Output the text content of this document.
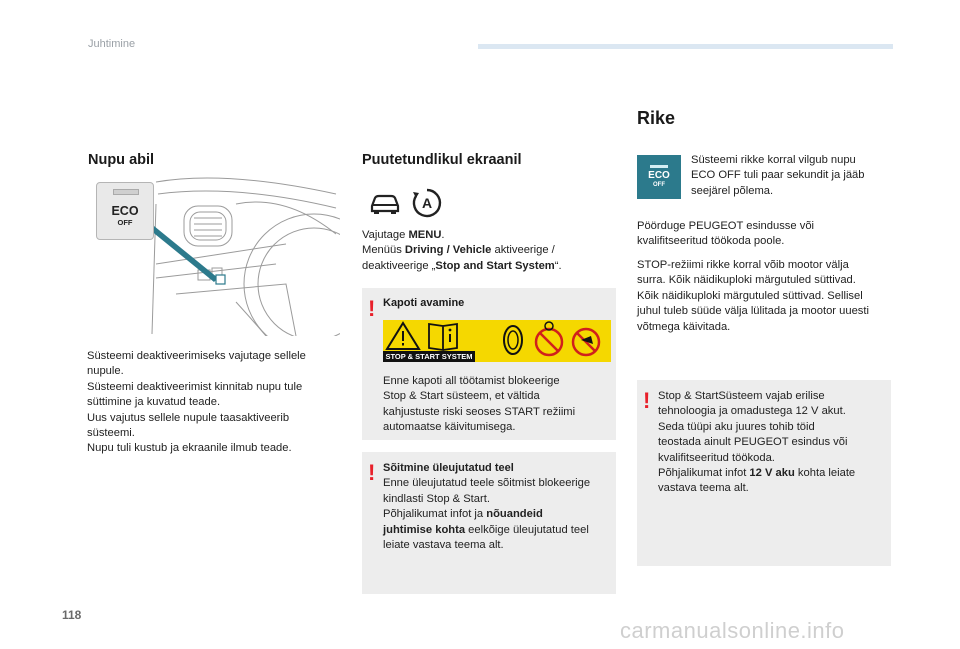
Juhtimine
Nupu abil
ECO
OFF
Süsteemi deaktiveerimiseks vajutage sellele
nupule.
Süsteemi deaktiveerimist kinnitab nupu tule
süttimine ja kuvatud teade.
Uus vajutus sellele nupule taasaktiveerib
süsteemi.
Nupu tuli kustub ja ekraanile ilmub teade.
Puutetundlikul ekraanil
A
Vajutage MENU.
Menüüs Driving / Vehicle aktiveerige /
deaktiveerige „Stop and Start System“.
! Kapoti avamine
STOP & START SYSTEM
Enne kapoti all töötamist blokeerige
Stop & Start süsteem, et vältida
kahjustuste riski seoses START režiimi
automaatse käivitumisega.
! Sõitmine üleujutatud teel
Enne üleujutatud teele sõitmist blokeerige
kindlasti Stop & Start.
Põhjalikumat infot ja nõuandeid
juhtimise kohta eelkõige üleujutatud teel
leiate vastava teema alt.
Rike
ECO
OFF
Süsteemi rikke korral vilgub nupu
ECO OFF tuli paar sekundit ja jääb
seejärel põlema.
Pöörduge PEUGEOT esindusse või
kvalifitseeritud töökoda poole.
STOP-režiimi rikke korral võib mootor välja
surra. Kõik näidikuploki märgutuled süttivad.
Kõik näidikuploki märgutuled süttivad. Sellisel
juhul tuleb süüde välja lülitada ja mootor uuesti
võtmega käivitada.
! Stop & StartSüsteem vajab erilise
tehnoloogia ja omadustega 12 V akut.
Seda tüüpi aku juures tohib töid
teostada ainult PEUGEOT esindus või
kvalifitseeritud töökoda.
Põhjalikumat infot 12 V aku kohta leiate
vastava teema alt.
118
carmanualsonline.info
